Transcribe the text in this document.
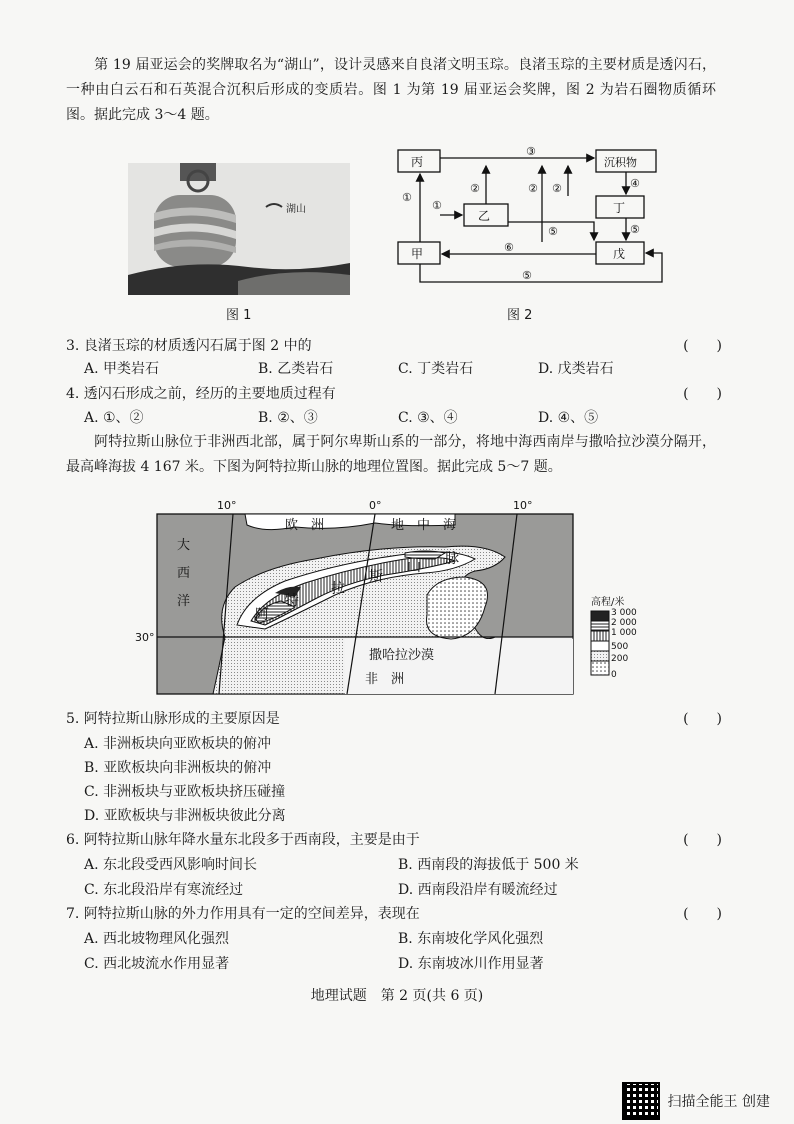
第 19 届亚运会的奖牌取名为“湖山”，设计灵感来自良渚文明玉琮。良渚玉琮的主要材质是透闪石，一种由白云石和石英混合沉积后形成的变质岩。图 1 为第 19 届亚运会奖牌，图 2 为岩石圈物质循环图。据此完成 3～4 题。
湖山
图 1
丙
乙
甲
沉积物
丁
戊
③
①
①
②	② ②	④
⑤
⑤
⑥
⑤
图 2
3. 良渚玉琮的材质透闪石属于图 2 中的	(　　)
A. 甲类岩石	B. 乙类岩石	C. 丁类岩石	D. 戊类岩石
4. 透闪石形成之前，经历的主要地质过程有	(　　)
A. ①、②	B. ②、③	C. ③、④	D. ④、⑤
阿特拉斯山脉位于非洲西北部，属于阿尔卑斯山系的一部分，将地中海西南岸与撒哈拉沙漠分隔开，最高峰海拔 4 167 米。下图为阿特拉斯山脉的地理位置图。据此完成 5～7 题。
10°	0°	10°
30°
欧　洲	地　中　海
大
西
洋
阿
特
拉
斯
山 脉
撒哈拉沙漠
非　洲
高程/米
3 000
2 000
1 000
500
200
0
5. 阿特拉斯山脉形成的主要原因是	(　　)
A. 非洲板块向亚欧板块的俯冲
B. 亚欧板块向非洲板块的俯冲
C. 非洲板块与亚欧板块挤压碰撞
D. 亚欧板块与非洲板块彼此分离
6. 阿特拉斯山脉年降水量东北段多于西南段，主要是由于	(　　)
A. 东北段受西风影响时间长	B. 西南段的海拔低于 500 米
C. 东北段沿岸有寒流经过	D. 西南段沿岸有暖流经过
7. 阿特拉斯山脉的外力作用具有一定的空间差异，表现在	(　　)
A. 西北坡物理风化强烈	B. 东南坡化学风化强烈
C. 西北坡流水作用显著	D. 东南坡冰川作用显著
地理试题　第 2 页(共 6 页)
扫描全能王 创建
